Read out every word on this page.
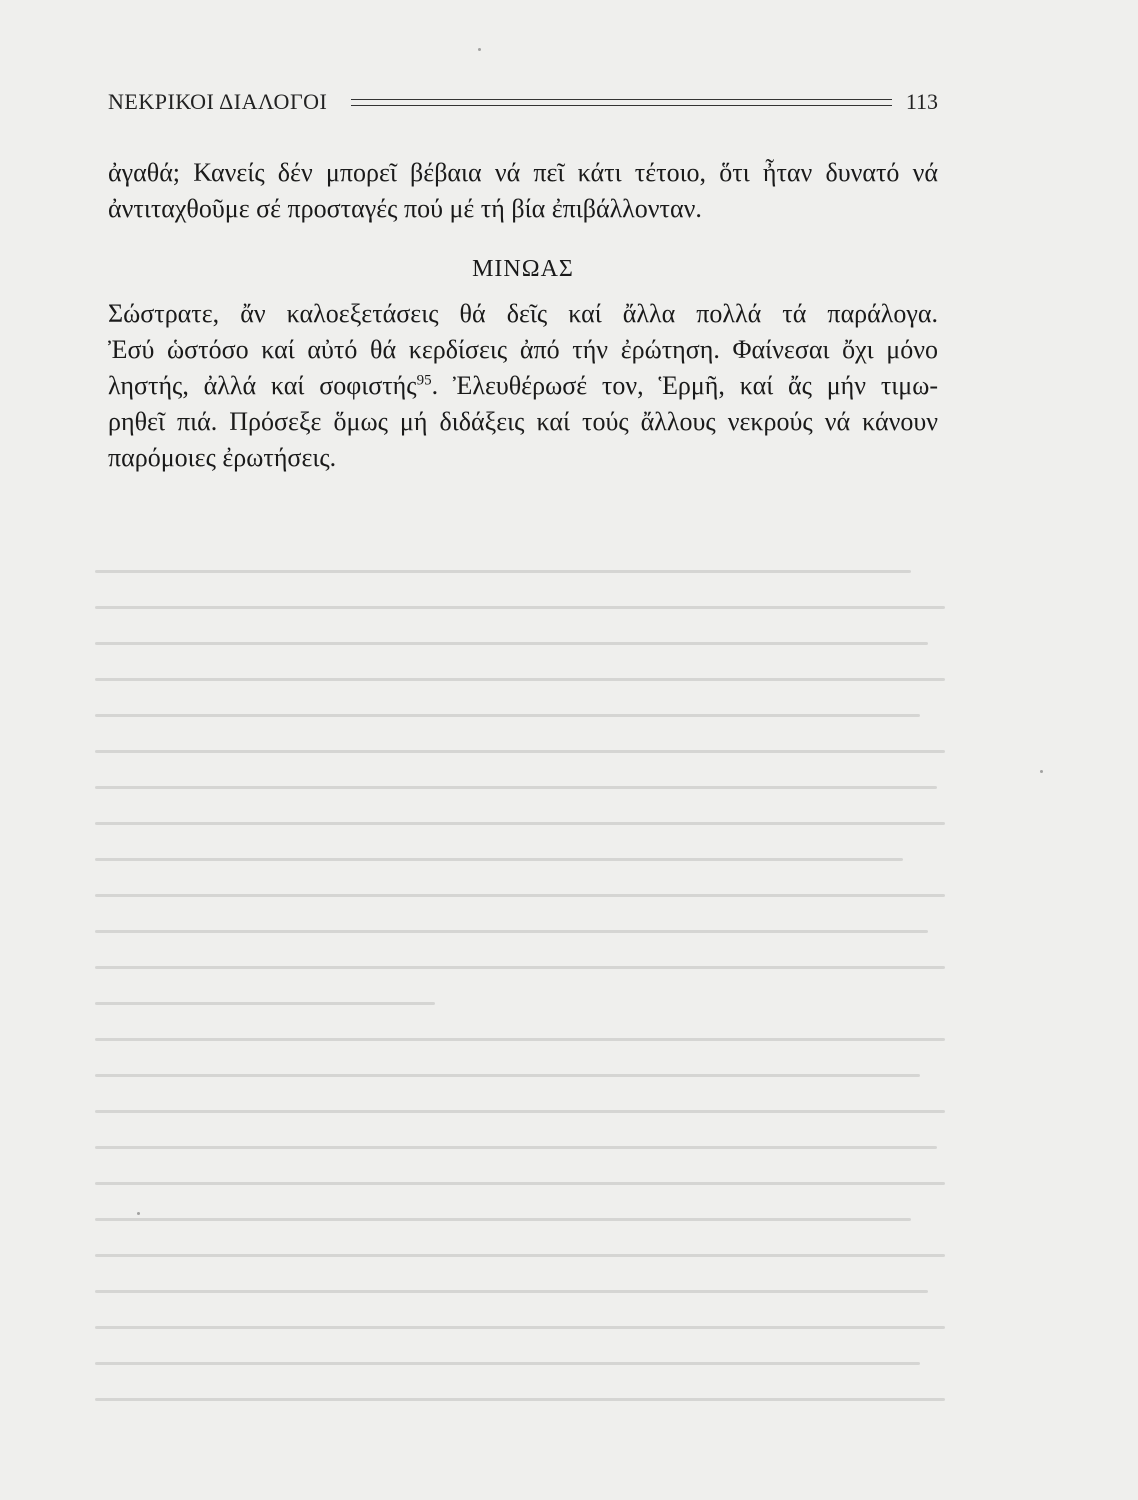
ΝΕΚΡΙΚΟΙ ΔΙΑΛΟΓΟΙ	113

ἀγαθά; Κανείς δέν μπορεῖ βέβαια νά πεῖ κάτι τέτοιο, ὅτι ἦταν δυνατό νά
ἀντιταχθοῦμε σέ προσταγές πού μέ τή βία ἐπιβάλλονταν.

ΜΙΝΩΑΣ

Σώστρατε, ἄν καλοεξετάσεις θά δεῖς καί ἄλλα πολλά τά παράλογα.
Ἐσύ ὡστόσο καί αὐτό θά κερδίσεις ἀπό τήν ἐρώτηση. Φαίνεσαι ὄχι μόνο
ληστής, ἀλλά καί σοφιστής$^{95}$. Ἐλευθέρωσέ τον, Ἑρμῆ, καί ἄς μήν τιμω-
ρηθεῖ πιά. Πρόσεξε ὅμως μή διδάξεις καί τούς ἄλλους νεκρούς νά κάνουν
παρόμοιες ἐρωτήσεις.
